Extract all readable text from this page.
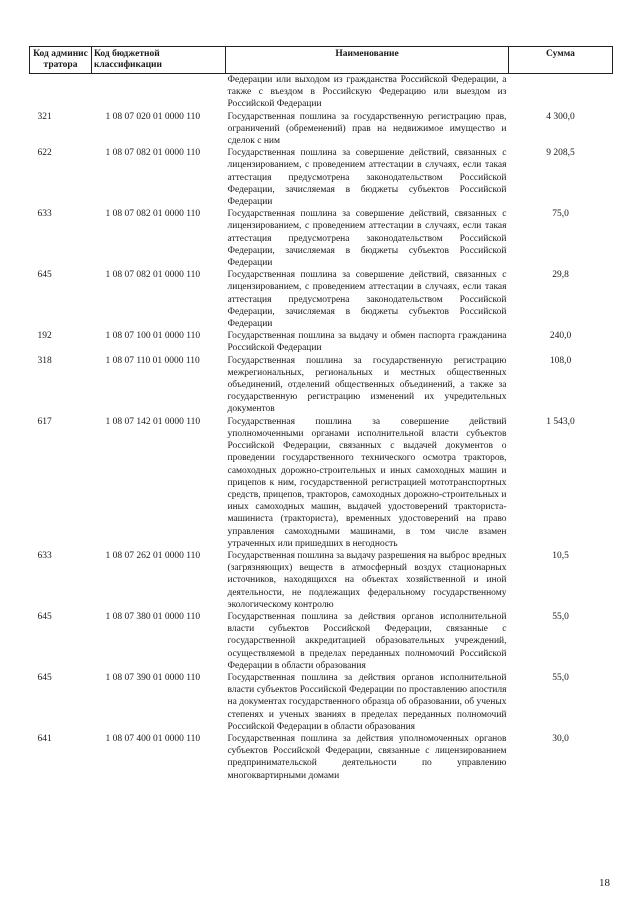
Код админис тратора	Код бюджетной классификации	Наименование	Сумма
		Федерации или выходом из гражданства Российской Федерации, а также с въездом в Российскую Федерацию или выездом из Российской Федерации	
321	1 08 07 020 01 0000 110	Государственная пошлина за государственную регистрацию прав, ограничений (обременений) прав на недвижимое имущество и сделок с ним	4 300,0
622	1 08 07 082 01 0000 110	Государственная пошлина за совершение действий, связанных с лицензированием, с проведением аттестации в случаях, если такая аттестация предусмотрена законодательством Российской Федерации, зачисляемая в бюджеты субъектов Российской Федерации	9 208,5
633	1 08 07 082 01 0000 110	Государственная пошлина за совершение действий, связанных с лицензированием, с проведением аттестации в случаях, если такая аттестация предусмотрена законодательством Российской Федерации, зачисляемая в бюджеты субъектов Российской Федерации	75,0
645	1 08 07 082 01 0000 110	Государственная пошлина за совершение действий, связанных с лицензированием, с проведением аттестации в случаях, если такая аттестация предусмотрена законодательством Российской Федерации, зачисляемая в бюджеты субъектов Российской Федерации	29,8
192	1 08 07 100 01 0000 110	Государственная пошлина за выдачу и обмен паспорта гражданина Российской Федерации	240,0
318	1 08 07 110 01 0000 110	Государственная пошлина за государственную регистрацию межрегиональных, региональных и местных общественных объединений, отделений общественных объединений, а также за государственную регистрацию изменений их учредительных документов	108,0
617	1 08 07 142 01 0000 110	Государственная пошлина за совершение действий уполномоченными органами исполнительной власти субъектов Российской Федерации, связанных с выдачей документов о проведении государственного технического осмотра тракторов, самоходных дорожно-строительных и иных самоходных машин и прицепов к ним, государственной регистрацией мототранспортных средств, прицепов, тракторов, самоходных дорожно-строительных и иных самоходных машин, выдачей удостоверений тракториста-машиниста (тракториста), временных удостоверений на право управления самоходными машинами, в том числе взамен утраченных или пришедших в негодность	1 543,0
633	1 08 07 262 01 0000 110	Государственная пошлина за выдачу разрешения на выброс вредных (загрязняющих) веществ в атмосферный воздух стационарных источников, находящихся на объектах хозяйственной и иной деятельности, не подлежащих федеральному государственному экологическому контролю	10,5
645	1 08 07 380 01 0000 110	Государственная пошлина за действия органов исполнительной власти субъектов Российской Федерации, связанные с государственной аккредитацией образовательных учреждений, осуществляемой в пределах переданных полномочий Российской Федерации в области образования	55,0
645	1 08 07 390 01 0000 110	Государственная пошлина за действия органов исполнительной власти субъектов Российской Федерации по проставлению апостиля на документах государственного образца об образовании, об ученых степенях и ученых званиях в пределах переданных полномочий Российской Федерации в области образования	55,0
641	1 08 07 400 01 0000 110	Государственная пошлина за действия уполномоченных органов субъектов Российской Федерации, связанные с лицензированием предпринимательской деятельности по управлению многоквартирными домами	30,0
18
